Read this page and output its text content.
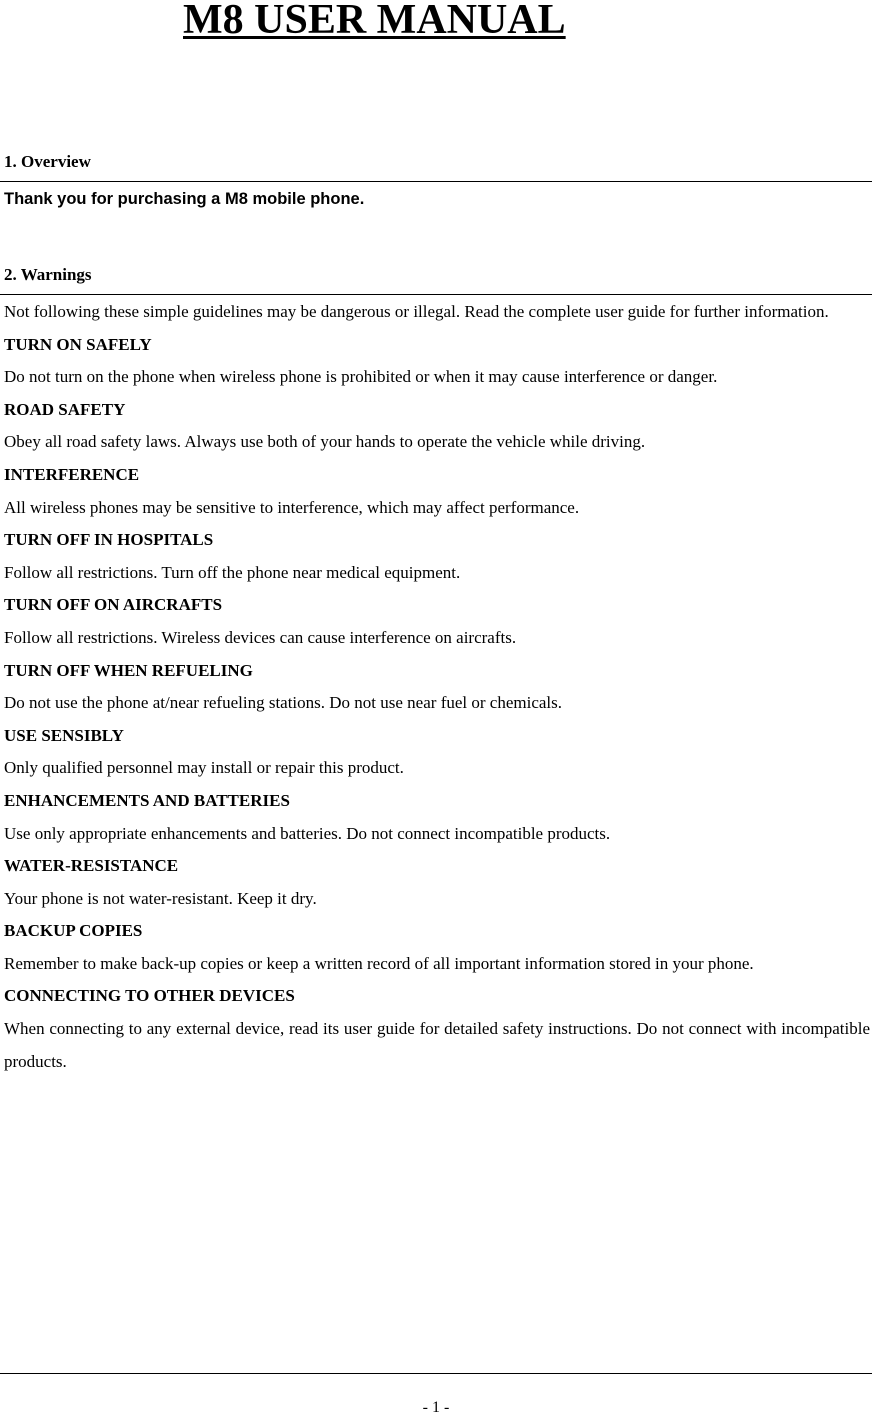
M8 USER MANUAL
1. Overview

Thank you for purchasing a M8 mobile phone.

2. Warnings

Not following these simple guidelines may be dangerous or illegal. Read the complete user guide for further information.

TURN ON SAFELY

Do not turn on the phone when wireless phone is prohibited or when it may cause interference or danger.

ROAD SAFETY

Obey all road safety laws. Always use both of your hands to operate the vehicle while driving.

INTERFERENCE

All wireless phones may be sensitive to interference, which may affect performance.

TURN OFF IN HOSPITALS

Follow all restrictions. Turn off the phone near medical equipment.

TURN OFF ON AIRCRAFTS

Follow all restrictions. Wireless devices can cause interference on aircrafts.

TURN OFF WHEN REFUELING

Do not use the phone at/near refueling stations. Do not use near fuel or chemicals.

USE SENSIBLY

Only qualified personnel may install or repair this product.

ENHANCEMENTS AND BATTERIES

Use only appropriate enhancements and batteries. Do not connect incompatible products.

WATER-RESISTANCE

Your phone is not water-resistant. Keep it dry.

BACKUP COPIES

Remember to make back-up copies or keep a written record of all important information stored in your phone.

CONNECTING TO OTHER DEVICES

When connecting to any external device, read its user guide for detailed safety instructions. Do not connect with incompatible products.

- 1 -
